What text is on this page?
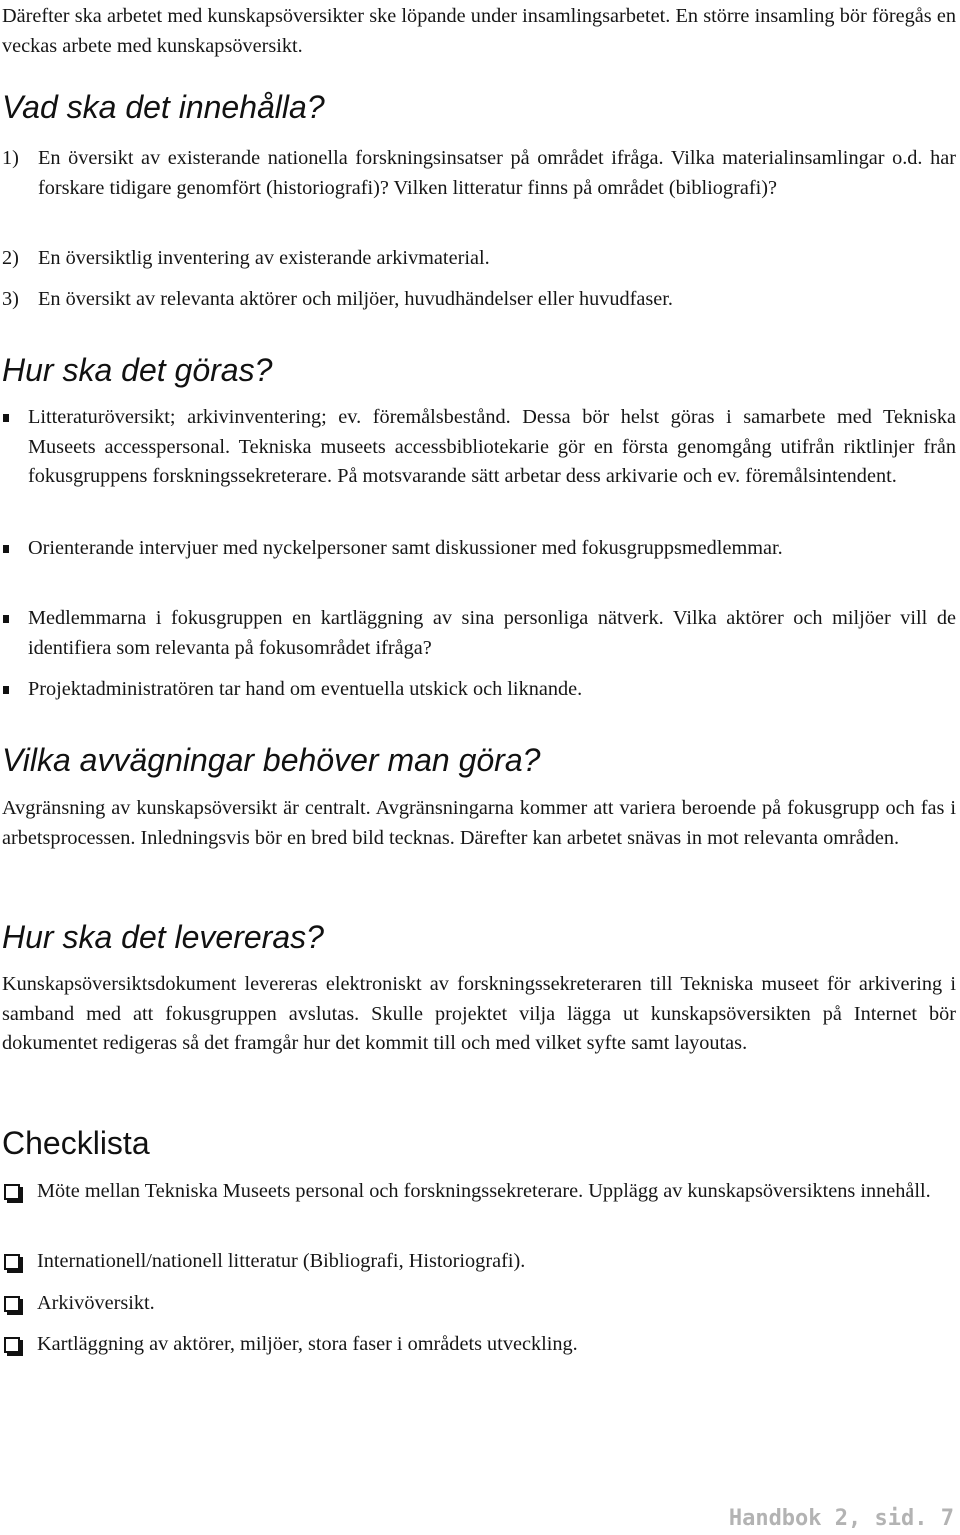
Därefter ska arbetet med kunskapsöversikter ske löpande under insamlingsarbetet. En större insamling bör föregås en veckas arbete med kunskapsöversikt.

Vad ska det innehålla?

1) En översikt av existerande nationella forskningsinsatser på området ifråga. Vilka materialinsamlingar o.d. har forskare tidigare genomfört (historiografi)? Vilken litteratur finns på området (bibliografi)?

2) En översiktlig inventering av existerande arkivmaterial.

3) En översikt av relevanta aktörer och miljöer, huvudhändelser eller huvudfaser.

Hur ska det göras?

Litteraturöversikt; arkivinventering; ev. föremålsbestånd. Dessa bör helst göras i samarbete med Tekniska Museets accesspersonal. Tekniska museets accessbibliotekarie gör en första genomgång utifrån riktlinjer från fokusgruppens forskningssekreterare. På motsvarande sätt arbetar dess arkivarie och ev. föremålsintendent.

Orienterande intervjuer med nyckelpersoner samt diskussioner med fokusgruppsmedlemmar.

Medlemmarna i fokusgruppen en kartläggning av sina personliga nätverk. Vilka aktörer och miljöer vill de identifiera som relevanta på fokusområdet ifråga?

Projektadministratören tar hand om eventuella utskick och liknande.

Vilka avvägningar behöver man göra?

Avgränsning av kunskapsöversikt är centralt. Avgränsningarna kommer att variera beroende på fokusgrupp och fas i arbetsprocessen. Inledningsvis bör en bred bild tecknas. Därefter kan arbetet snävas in mot relevanta områden.

Hur ska det levereras?

Kunskapsöversiktsdokument levereras elektroniskt av forskningssekreteraren till Tekniska museet för arkivering i samband med att fokusgruppen avslutas. Skulle projektet vilja lägga ut kunskapsöversikten på Internet bör dokumentet redigeras så det framgår hur det kommit till och med vilket syfte samt layoutas.

Checklista

Möte mellan Tekniska Museets personal och forskningssekreterare. Upplägg av kunskapsöversiktens innehåll.

Internationell/nationell litteratur (Bibliografi, Historiografi).

Arkivöversikt.

Kartläggning av aktörer, miljöer, stora faser i områdets utveckling.

Handbok 2, sid. 7
